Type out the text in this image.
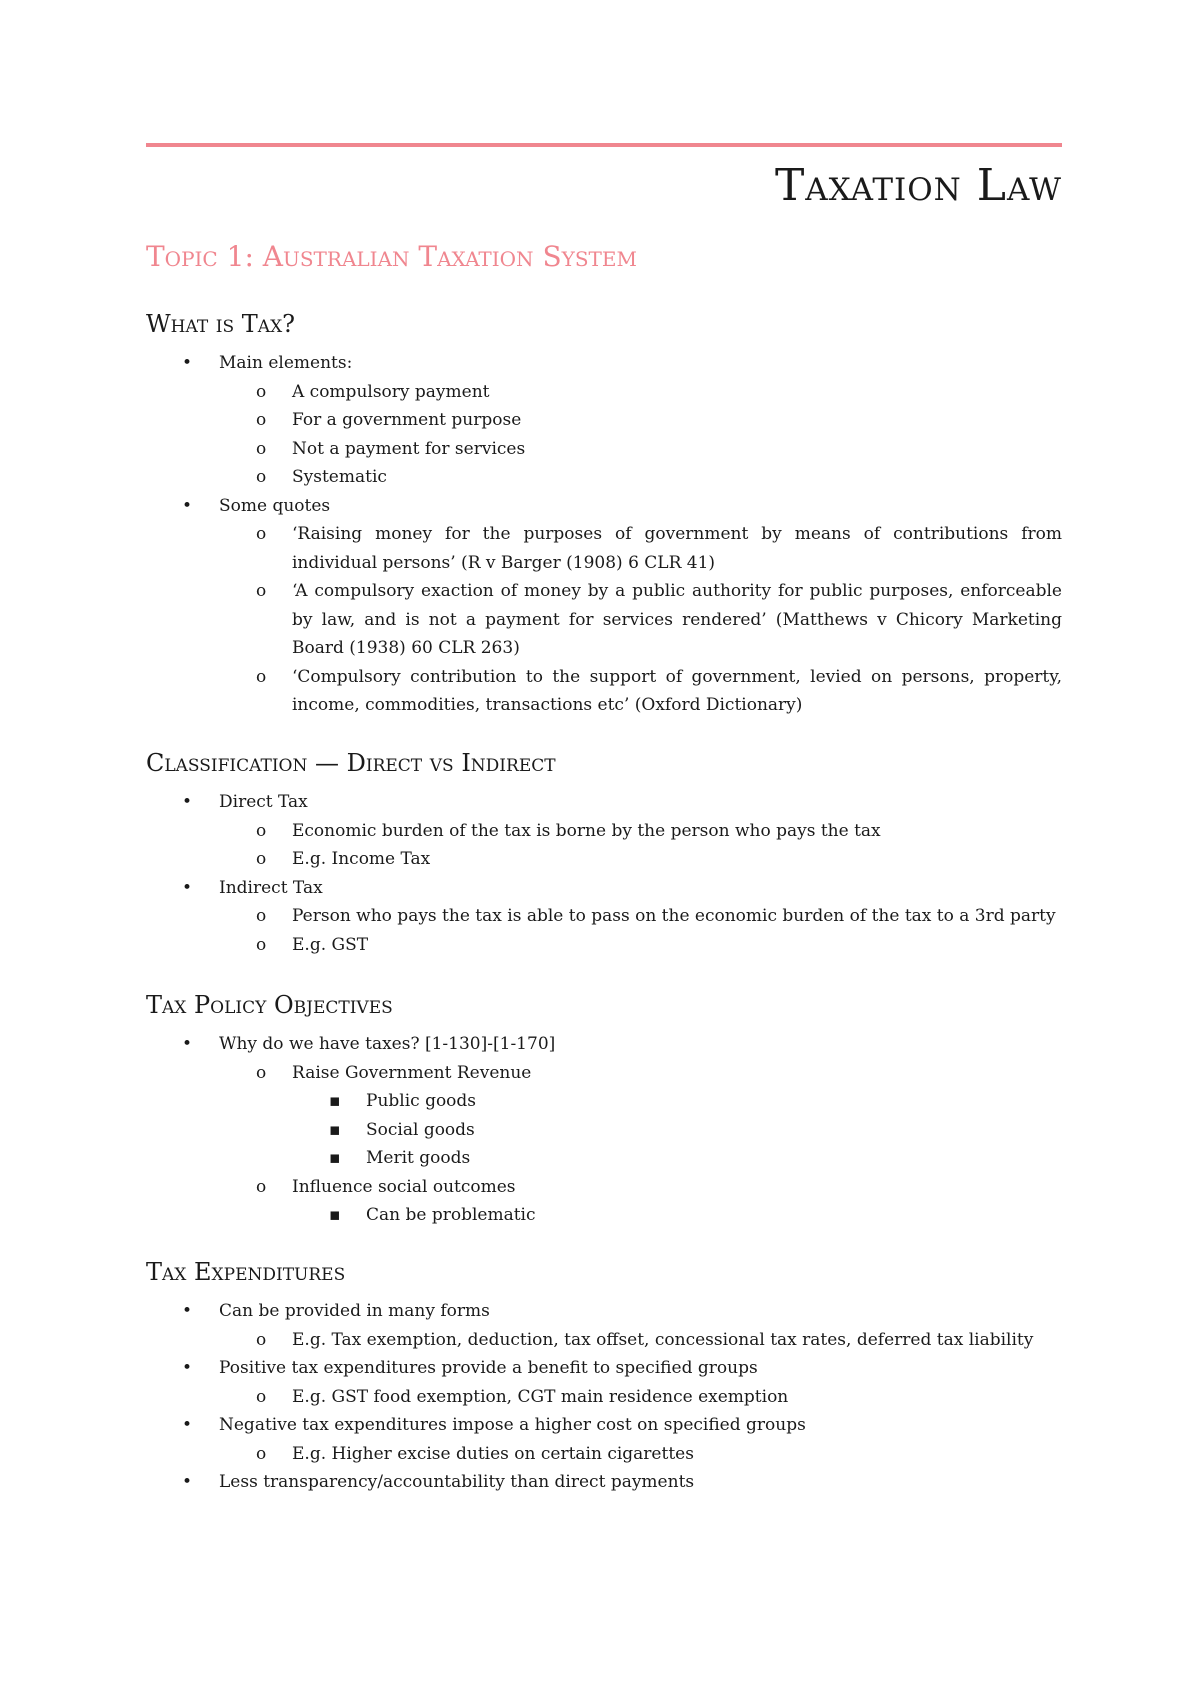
Taxation Law
Topic 1: Australian Taxation System
What is Tax?
• Main elements:
o A compulsory payment
o For a government purpose
o Not a payment for services
o Systematic
• Some quotes
o ‘Raising money for the purposes of government by means of contributions from individual persons’ (R v Barger (1908) 6 CLR 41)
o ‘A compulsory exaction of money by a public authority for public purposes, enforceable by law, and is not a payment for services rendered’ (Matthews v Chicory Marketing Board (1938) 60 CLR 263)
o ‘Compulsory contribution to the support of government, levied on persons, property, income, commodities, transactions etc’ (Oxford Dictionary)
Classification — Direct vs Indirect
• Direct Tax
o Economic burden of the tax is borne by the person who pays the tax
o E.g. Income Tax
• Indirect Tax
o Person who pays the tax is able to pass on the economic burden of the tax to a 3rd party
o E.g. GST
Tax Policy Objectives
• Why do we have taxes? [1-130]-[1-170]
o Raise Government Revenue
▪ Public goods
▪ Social goods
▪ Merit goods
o Influence social outcomes
▪ Can be problematic
Tax Expenditures
• Can be provided in many forms
o E.g. Tax exemption, deduction, tax offset, concessional tax rates, deferred tax liability
• Positive tax expenditures provide a benefit to specified groups
o E.g. GST food exemption, CGT main residence exemption
• Negative tax expenditures impose a higher cost on specified groups
o E.g. Higher excise duties on certain cigarettes
• Less transparency/accountability than direct payments
